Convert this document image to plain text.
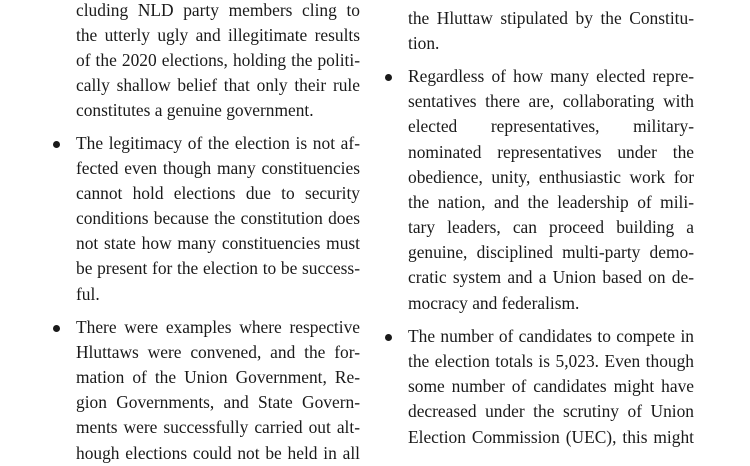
cluding NLD party members cling to
the utterly ugly and illegitimate results
of the 2020 elections, holding the politi-
cally shallow belief that only their rule
constitutes a genuine government.
The legitimacy of the election is not af-
fected even though many constituencies
cannot hold elections due to security
conditions because the constitution does
not state how many constituencies must
be present for the election to be success-
ful.
There were examples where respective
Hluttaws were convened, and the for-
mation of the Union Government, Re-
gion Governments, and State Govern-
ments were successfully carried out alt-
hough elections could not be held in all
the Hluttaw stipulated by the Constitu-
tion.
Regardless of how many elected repre-
sentatives there are, collaborating with
elected representatives, military-
nominated representatives under the
obedience, unity, enthusiastic work for
the nation, and the leadership of mili-
tary leaders, can proceed building a
genuine, disciplined multi-party demo-
cratic system and a Union based on de-
mocracy and federalism.
The number of candidates to compete in
the election totals is 5,023. Even though
some number of candidates might have
decreased under the scrutiny of Union
Election Commission (UEC), this might
